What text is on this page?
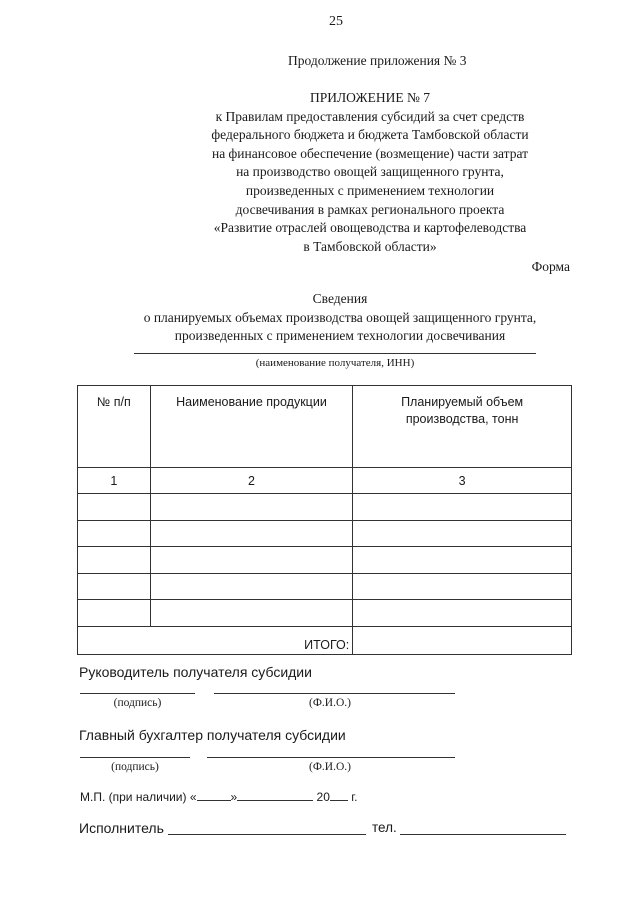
25
Продолжение приложения № 3
ПРИЛОЖЕНИЕ № 7
к Правилам предоставления субсидий за счет средств
федерального бюджета и бюджета Тамбовской области
на финансовое обеспечение (возмещение) части затрат
на производство овощей защищенного грунта,
произведенных с применением технологии
досвечивания в рамках регионального проекта
«Развитие отраслей овощеводства и картофелеводства
в Тамбовской области»
Форма
Сведения
о планируемых объемах производства овощей защищенного грунта,
произведенных с применением технологии досвечивания
(наименование получателя, ИНН)
№ п/п	Наименование продукции	Планируемый объем производства, тонн
1	2	3

ИТОГО:		
Руководитель получателя субсидии
(подпись)	(Ф.И.О.)
Главный бухгалтер получателя субсидии
(подпись)	(Ф.И.О.)
М.П. (при наличии) «	»	20 г.
Исполнитель	тел.
